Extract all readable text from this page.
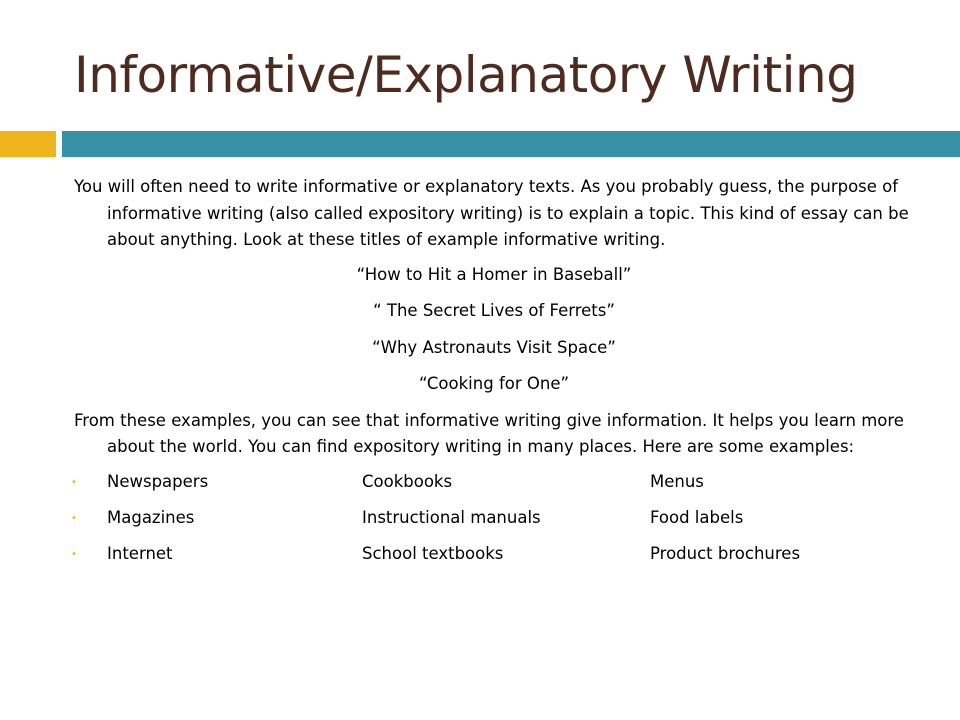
Informative/Explanatory Writing

You will often need to write informative or explanatory texts. As you probably guess, the purpose of informative writing (also called expository writing) is to explain a topic. This kind of essay can be about anything. Look at these titles of example informative writing.

“How to Hit a Homer in Baseball”

“ The Secret Lives of Ferrets”

“Why Astronauts Visit Space”

“Cooking for One”

From these examples, you can see that informative writing give information. It helps you learn more about the world. You can find expository writing in many places. Here are some examples:

• Newspapers	Cookbooks	Menus
• Magazines	Instructional manuals	Food labels
• Internet	School textbooks	Product brochures
